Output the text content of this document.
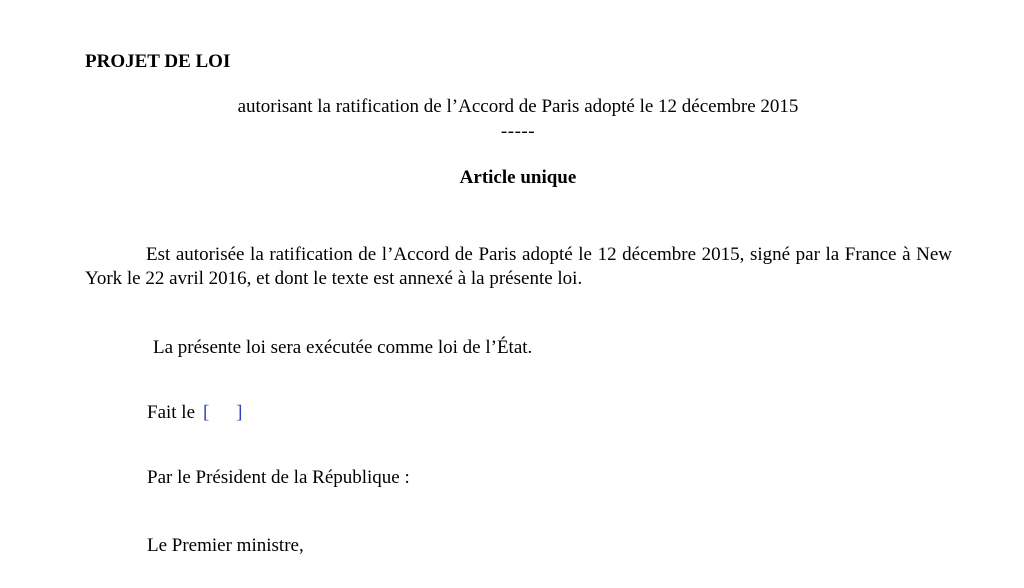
PROJET DE LOI
autorisant la ratification de l’Accord de Paris adopté le 12 décembre 2015
-----
Article unique
Est autorisée la ratification de l’Accord de Paris adopté le 12 décembre 2015, signé par la France à New York le 22 avril 2016, et dont le texte est annexé à la présente loi.
La présente loi sera exécutée comme loi de l’État.
Fait le [ ]
Par le Président de la République :
Le Premier ministre,
